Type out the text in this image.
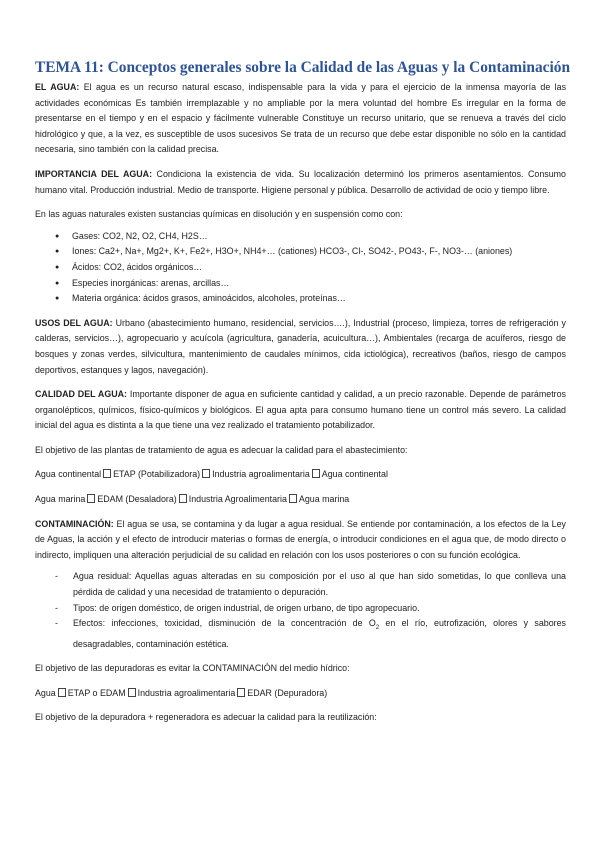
TEMA 11: Conceptos generales sobre la Calidad de las Aguas y la Contaminación

EL AGUA: El agua es un recurso natural escaso, indispensable para la vida y para el ejercicio de la inmensa mayoría de las actividades económicas Es también irremplazable y no ampliable por la mera voluntad del hombre Es irregular en la forma de presentarse en el tiempo y en el espacio y fácilmente vulnerable Constituye un recurso unitario, que se renueva a través del ciclo hidrológico y que, a la vez, es susceptible de usos sucesivos Se trata de un recurso que debe estar disponible no sólo en la cantidad necesaria, sino también con la calidad precisa.

IMPORTANCIA DEL AGUA: Condiciona la existencia de vida. Su localización determinó los primeros asentamientos. Consumo humano vital. Producción industrial. Medio de transporte. Higiene personal y pública. Desarrollo de actividad de ocio y tiempo libre.

En las aguas naturales existen sustancias químicas en disolución y en suspensión como con:

● Gases: CO2, N2, O2, CH4, H2S…
● Iones: Ca2+, Na+, Mg2+, K+, Fe2+, H3O+, NH4+… (cationes) HCO3-, Cl-, SO42-, PO43-, F-, NO3-… (aniones)
● Ácidos: CO2, ácidos orgánicos…
● Especies inorgánicas: arenas, arcillas…
● Materia orgánica: ácidos grasos, aminoácidos, alcoholes, proteínas…

USOS DEL AGUA: Urbano (abastecimiento humano, residencial, servicios….), Industrial (proceso, limpieza, torres de refrigeración y calderas, servicios…), agropecuario y acuícola (agricultura, ganadería, acuicultura…), Ambientales (recarga de acuíferos, riesgo de bosques y zonas verdes, silvicultura, mantenimiento de caudales mínimos, cida ictiológica), recreativos (baños, riesgo de campos deportivos, estanques y lagos, navegación).

CALIDAD DEL AGUA: Importante disponer de agua en suficiente cantidad y calidad, a un precio razonable. Depende de parámetros organolépticos, químicos, físico-químicos y biológicos. El agua apta para consumo humano tiene un control más severo. La calidad inicial del agua es distinta a la que tiene una vez realizado el tratamiento potabilizador.

El objetivo de las plantas de tratamiento de agua es adecuar la calidad para el abastecimiento:

Agua continental ETAP (Potabilizadora) Industria agroalimentaria Agua continental

Agua marina EDAM (Desaladora) Industria Agroalimentaria Agua marina

CONTAMINACIÓN: El agua se usa, se contamina y da lugar a agua residual. Se entiende por contaminación, a los efectos de la Ley de Aguas, la acción y el efecto de introducir materias o formas de energía, o introducir condiciones en el agua que, de modo directo o indirecto, impliquen una alteración perjudicial de su calidad en relación con los usos posteriores o con su función ecológica.

- Agua residual: Aquellas aguas alteradas en su composición por el uso al que han sido sometidas, lo que conlleva una pérdida de calidad y una necesidad de tratamiento o depuración.
- Tipos: de origen doméstico, de origen industrial, de origen urbano, de tipo agropecuario.
- Efectos: infecciones, toxicidad, disminución de la concentración de $O_2$ en el río, eutrofización, olores y sabores desagradables, contaminación estética.

El objetivo de las depuradoras es evitar la CONTAMINACIÓN del medio hídrico:

Agua ETAP o EDAM Industria agroalimentaria EDAR (Depuradora)

El objetivo de la depuradora + regeneradora es adecuar la calidad para la reutilización:
